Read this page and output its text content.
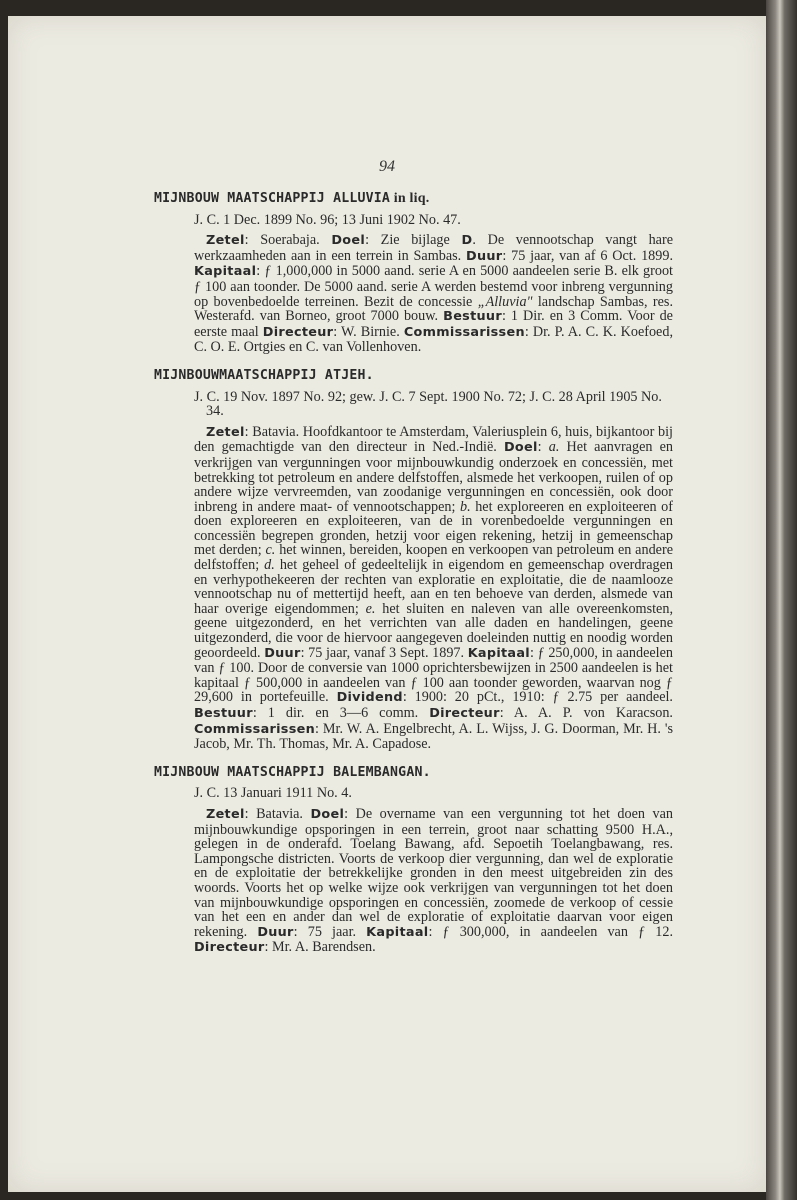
94
MIJNBOUW MAATSCHAPPIJ ALLUVIA in liq.
J. C. 1 Dec. 1899 No. 96; 13 Juni 1902 No. 47.
Zetel: Soerabaja. Doel: Zie bijlage D. De vennootschap vangt hare werkzaamheden aan in een terrein in Sambas. Duur: 75 jaar, van af 6 Oct. 1899. Kapitaal: ƒ 1,000,000 in 5000 aand. serie A en 5000 aandeelen serie B. elk groot ƒ 100 aan toonder. De 5000 aand. serie A werden bestemd voor inbreng vergunning op bovenbedoelde terreinen. Bezit de concessie „Alluvia" landschap Sambas, res. Westerafd. van Borneo, groot 7000 bouw. Bestuur: 1 Dir. en 3 Comm. Voor de eerste maal Directeur: W. Birnie. Commissarissen: Dr. P. A. C. K. Koefoed, C. O. E. Ortgies en C. van Vollenhoven.
MIJNBOUWMAATSCHAPPIJ ATJEH.
J. C. 19 Nov. 1897 No. 92; gew. J. C. 7 Sept. 1900 No. 72; J. C. 28 April 1905 No. 34.
Zetel: Batavia. Hoofdkantoor te Amsterdam, Valeriusplein 6, huis, bijkantoor bij den gemachtigde van den directeur in Ned.-Indië. Doel: a. Het aanvragen en verkrijgen van vergunningen voor mijnbouwkundig onderzoek en concessiën, met betrekking tot petroleum en andere delfstoffen, alsmede het verkoopen, ruilen of op andere wijze vervreemden, van zoodanige vergunningen en concessiën, ook door inbreng in andere maat- of vennootschappen; b. het exploreeren en exploiteeren of doen exploreeren en exploiteeren, van de in vorenbedoelde vergunningen en concessiën begrepen gronden, hetzij voor eigen rekening, hetzij in gemeenschap met derden; c. het winnen, bereiden, koopen en verkoopen van petroleum en andere delfstoffen; d. het geheel of gedeeltelijk in eigendom en gemeenschap overdragen en verhypothekeeren der rechten van exploratie en exploitatie, die de naamlooze vennootschap nu of mettertijd heeft, aan en ten behoeve van derden, alsmede van haar overige eigendommen; e. het sluiten en naleven van alle overeenkomsten, geene uitgezonderd, en het verrichten van alle daden en handelingen, geene uitgezonderd, die voor de hiervoor aangegeven doeleinden nuttig en noodig worden geoordeeld. Duur: 75 jaar, vanaf 3 Sept. 1897. Kapitaal: ƒ 250,000, in aandeelen van ƒ 100. Door de conversie van 1000 oprichtersbewijzen in 2500 aandeelen is het kapitaal ƒ 500,000 in aandeelen van ƒ 100 aan toonder geworden, waarvan nog ƒ 29,600 in portefeuille. Dividend: 1900: 20 pCt., 1910: ƒ 2.75 per aandeel. Bestuur: 1 dir. en 3—6 comm. Directeur: A. A. P. von Karacson. Commissarissen: Mr. W. A. Engelbrecht, A. L. Wijss, J. G. Doorman, Mr. H. 's Jacob, Mr. Th. Thomas, Mr. A. Capadose.
MIJNBOUW MAATSCHAPPIJ BALEMBANGAN.
J. C. 13 Januari 1911 No. 4.
Zetel: Batavia. Doel: De overname van een vergunning tot het doen van mijnbouwkundige opsporingen in een terrein, groot naar schatting 9500 H.A., gelegen in de onderafd. Toelang Bawang, afd. Sepoetih Toelangbawang, res. Lampongsche districten. Voorts de verkoop dier vergunning, dan wel de exploratie en de exploitatie der betrekkelijke gronden in den meest uitgebreiden zin des woords. Voorts het op welke wijze ook verkrijgen van vergunningen tot het doen van mijnbouwkundige opsporingen en concessiën, zoomede de verkoop of cessie van het een en ander dan wel de exploratie of exploitatie daarvan voor eigen rekening. Duur: 75 jaar. Kapitaal: ƒ 300,000, in aandeelen van ƒ 12. Directeur: Mr. A. Barendsen.
